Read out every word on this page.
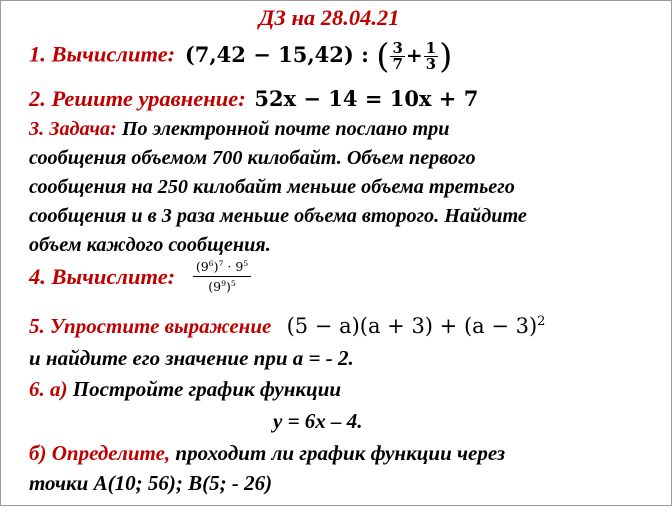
ДЗ на 28.04.21
1. Вычислите: (7,42 − 15,42) : ( $\frac{3}{7} + \frac{1}{3}$ )
2. Решите уравнение: 52x − 14 = 10x + 7
3. Задача: По электронной почте послано три
сообщения объемом 700 килобайт. Объем первого
сообщения на 250 килобайт меньше объема третьего
сообщения и в 3 раза меньше объема второго. Найдите
объем каждого сообщения.
4. Вычислите: $\frac{(9^6)^7 \cdot 9^5}{(9^9)^5}$
5. Упростите выражение $(5 - a)(a + 3) + (a - 3)^2$
и найдите его значение при а = - 2.
6. а) Постройте график функции
y = 6x – 4.
б) Определите, проходит ли график функции через
точки A(10; 56); B(5; - 26)
